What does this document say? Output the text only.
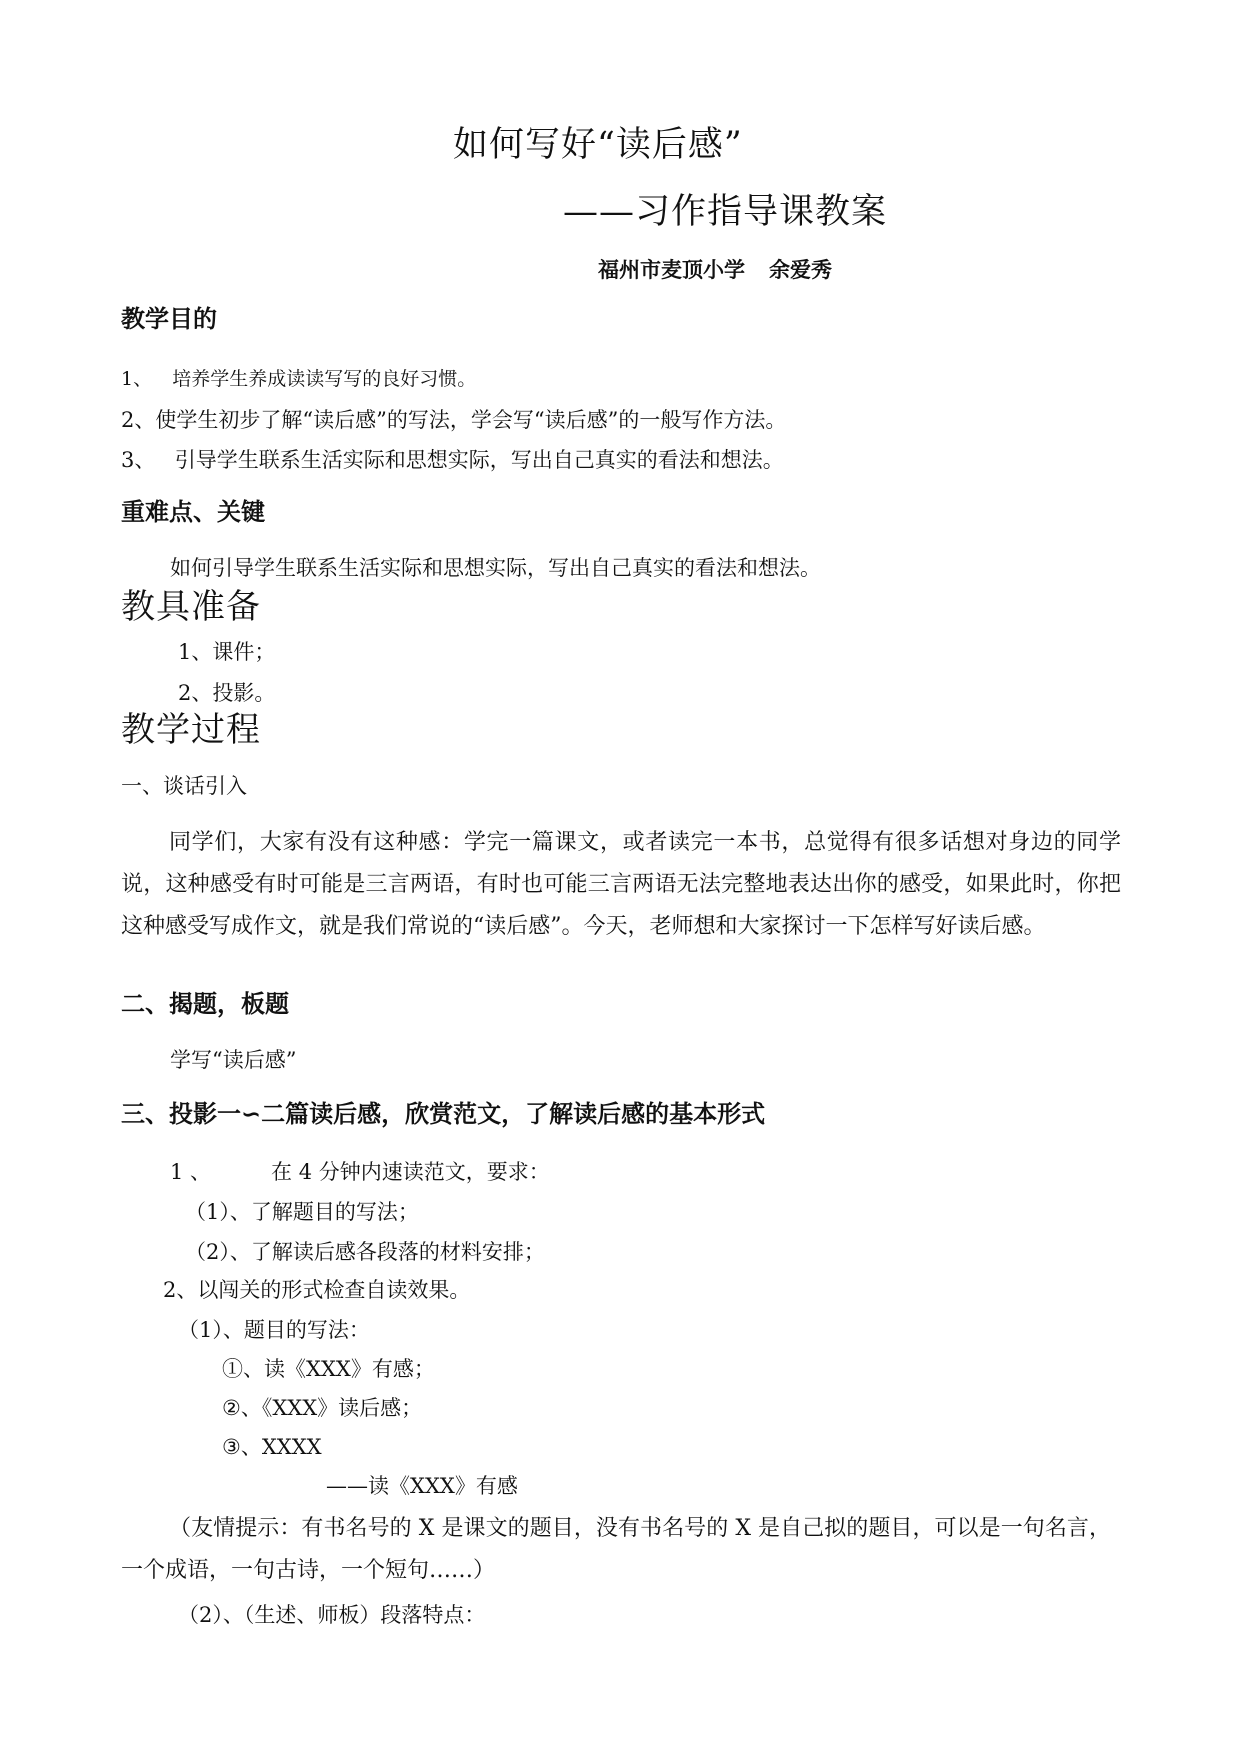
如何写好“读后感”
——习作指导课教案
福州市麦顶小学 余爱秀
教学目的
1、 培养学生养成读读写写的良好习惯。
2、使学生初步了解“读后感”的写法，学会写“读后感”的一般写作方法。
3、 引导学生联系生活实际和思想实际，写出自己真实的看法和想法。
重难点、关键
如何引导学生联系生活实际和思想实际，写出自己真实的看法和想法。
教具准备
1、课件；
2、投影。
教学过程
一、谈话引入
同学们，大家有没有这种感：学完一篇课文，或者读完一本书，总觉得有很多话想对身边的同学说，这种感受有时可能是三言两语，有时也可能三言两语无法完整地表达出你的感受，如果此时，你把这种感受写成作文，就是我们常说的“读后感”。今天，老师想和大家探讨一下怎样写好读后感。
二、揭题，板题
学写“读后感”
三、投影一∽二篇读后感，欣赏范文，了解读后感的基本形式
1 、	在 4 分钟内速读范文，要求：
（1）、了解题目的写法；
（2）、了解读后感各段落的材料安排；
2、以闯关的形式检查自读效果。
（1）、题目的写法：
①、读《XXX》有感；
②、《XXX》读后感；
③、XXXX
——读《XXX》有感
（友情提示：有书名号的 X 是课文的题目，没有书名号的 X 是自己拟的题目，可以是一句名言，一个成语，一句古诗，一个短句……）
（2）、（生述、师板）段落特点：
